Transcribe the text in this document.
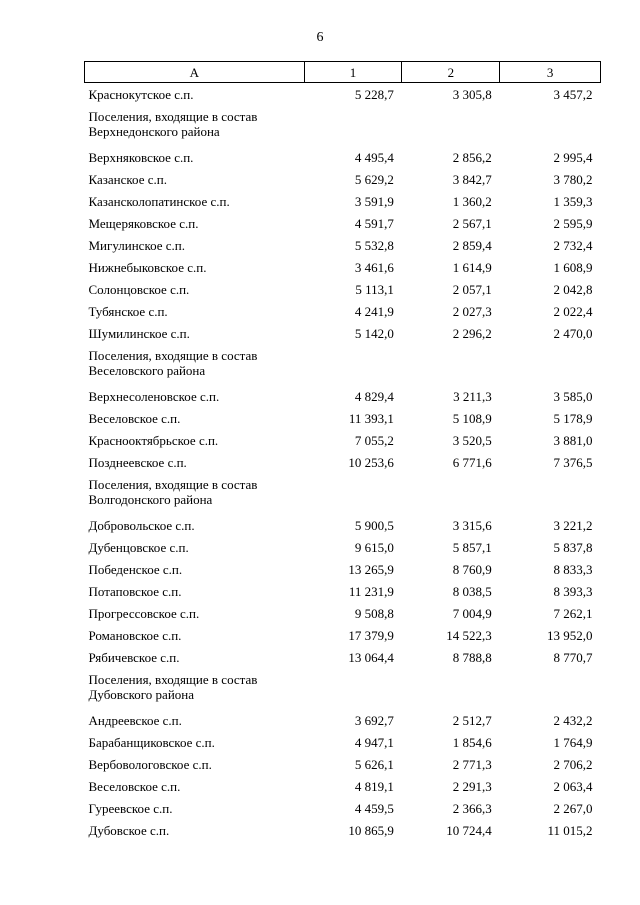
6
А	1	2	3
Краснокутское с.п.	5 228,7	3 305,8	3 457,2
Поселения, входящие в состав Верхнедонского района			
Верхняковское с.п.	4 495,4	2 856,2	2 995,4
Казанское с.п.	5 629,2	3 842,7	3 780,2
Казансколопатинское с.п.	3 591,9	1 360,2	1 359,3
Мещеряковское с.п.	4 591,7	2 567,1	2 595,9
Мигулинское с.п.	5 532,8	2 859,4	2 732,4
Нижнебыковское с.п.	3 461,6	1 614,9	1 608,9
Солонцовское с.п.	5 113,1	2 057,1	2 042,8
Тубянское с.п.	4 241,9	2 027,3	2 022,4
Шумилинское с.п.	5 142,0	2 296,2	2 470,0
Поселения, входящие в состав Веселовского района			
Верхнесоленовское с.п.	4 829,4	3 211,3	3 585,0
Веселовское с.п.	11 393,1	5 108,9	5 178,9
Краснооктябрьское с.п.	7 055,2	3 520,5	3 881,0
Позднеевское с.п.	10 253,6	6 771,6	7 376,5
Поселения, входящие в состав Волгодонского района			
Добровольское с.п.	5 900,5	3 315,6	3 221,2
Дубенцовское с.п.	9 615,0	5 857,1	5 837,8
Победенское с.п.	13 265,9	8 760,9	8 833,3
Потаповское с.п.	11 231,9	8 038,5	8 393,3
Прогрессовское с.п.	9 508,8	7 004,9	7 262,1
Романовское с.п.	17 379,9	14 522,3	13 952,0
Рябичевское с.п.	13 064,4	8 788,8	8 770,7
Поселения, входящие в состав Дубовского района			
Андреевское с.п.	3 692,7	2 512,7	2 432,2
Барабанщиковское с.п.	4 947,1	1 854,6	1 764,9
Вербовологовское с.п.	5 626,1	2 771,3	2 706,2
Веселовское с.п.	4 819,1	2 291,3	2 063,4
Гуреевское с.п.	4 459,5	2 366,3	2 267,0
Дубовское с.п.	10 865,9	10 724,4	11 015,2
